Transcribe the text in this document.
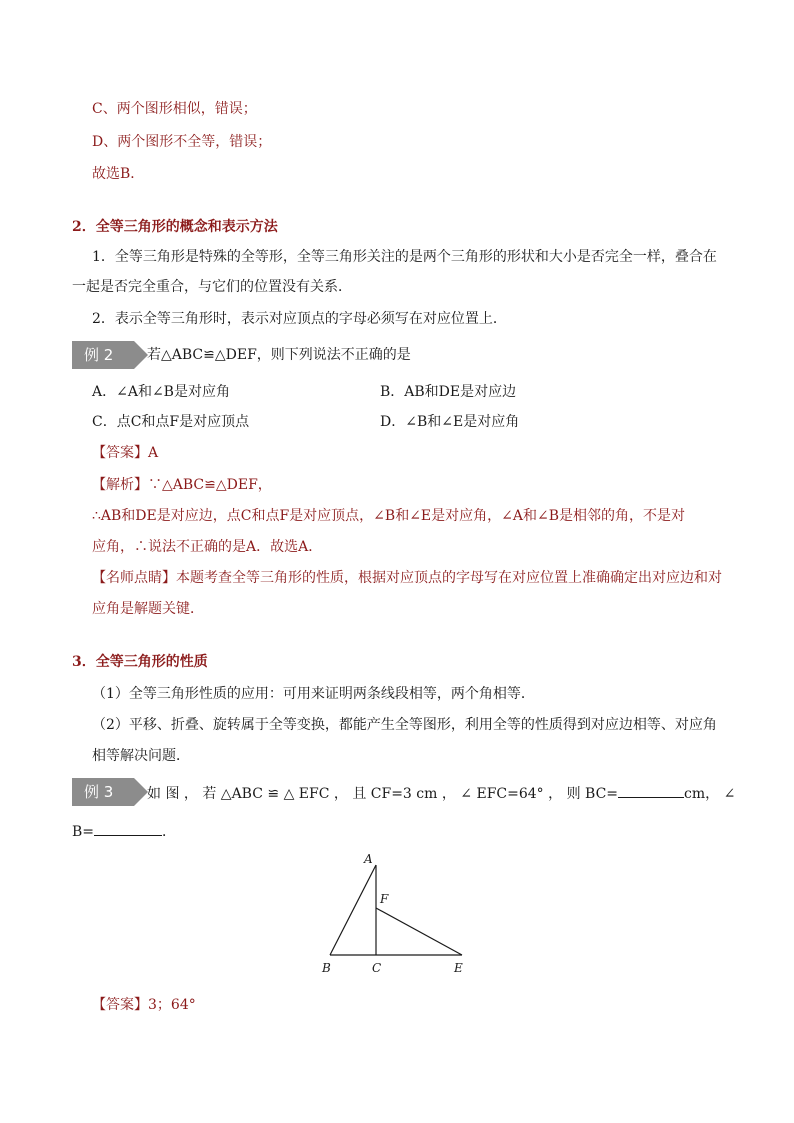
C、两个图形相似，错误；
D、两个图形不全等，错误；
故选B．
2．全等三角形的概念和表示方法
1．全等三角形是特殊的全等形，全等三角形关注的是两个三角形的形状和大小是否完全一样，叠合在
一起是否完全重合，与它们的位置没有关系．
2．表示全等三角形时，表示对应顶点的字母必须写在对应位置上．
例 2	若△ABC≌△DEF，则下列说法不正确的是
A．∠A和∠B是对应角	B．AB和DE是对应边
C．点C和点F是对应顶点	D．∠B和∠E是对应角
【答案】A
【解析】∵△ABC≌△DEF，
∴AB和DE是对应边，点C和点F是对应顶点，∠B和∠E是对应角，∠A和∠B是相邻的角，不是对
应角，∴说法不正确的是A．故选A．
【名师点睛】本题考查全等三角形的性质，根据对应顶点的字母写在对应位置上准确确定出对应边和对
应角是解题关键．
3．全等三角形的性质
（1）全等三角形性质的应用：可用来证明两条线段相等，两个角相等．
（2）平移、折叠、旋转属于全等变换，都能产生全等图形，利用全等的性质得到对应边相等、对应角
相等解决问题．
例 3	如 图 ， 若 △ABC ≌ △ EFC ， 且 CF=3 cm ， ∠ EFC=64° ， 则 BC=	cm， ∠
B=	．
A
F
B	C	E
【答案】3；64°
